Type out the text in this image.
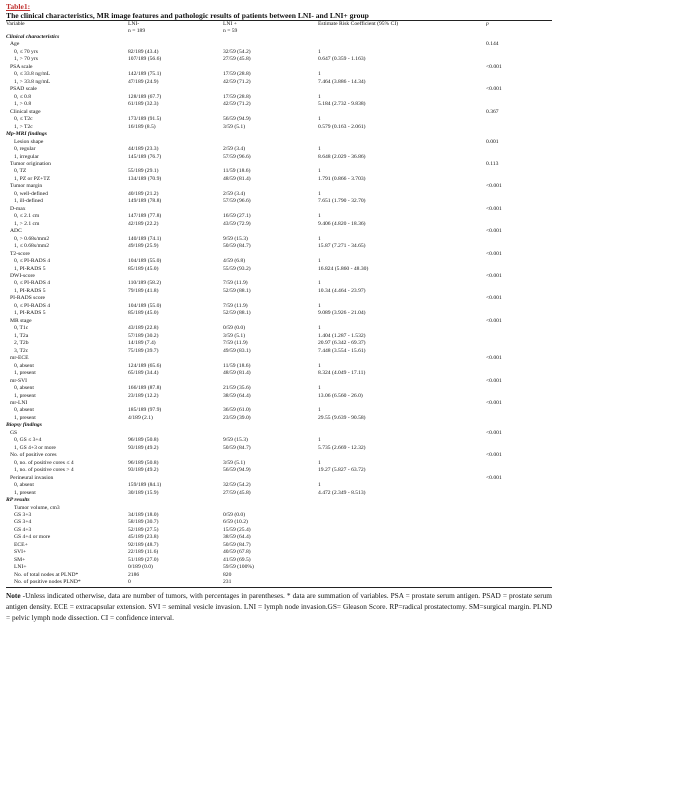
Table1:
The clinical characteristics, MR image features and pathologic results of patients between LNI- and LNI+ group
Variable	LNI-	LNI +	Estimate Risk Coefficient (95% CI)	p
	n = 189	n = 59		
Clinical characteristics				
Age				0.144
0, ≤ 70 yrs	82/189 (43.4)	32/59 (54.2)	1	
1, > 70 yrs	107/189 (56.6)	27/59 (45.8)	0.647 (0.359 - 1.163)	
PSA scale				<0.001
0, ≤ 33.8 ng/mL	142/189 (75.1)	17/59 (28.8)	1	
1, > 33.8 ng/mL	47/189 (24.9)	42/59 (71.2)	7.464 (3.886 - 14.34)	
PSAD scale				<0.001
0, ≤ 0.8	128/189 (67.7)	17/59 (28.8)	1	
1, > 0.8	61/189 (32.3)	42/59 (71.2)	5.184 (2.732 - 9.838)	
Clinical stage				0.367
0, ≤ T2c	173/189 (91.5)	56/59 (94.9)	1	
1, > T2c	16/189 (8.5)	3/59 (5.1)	0.579 (0.163 - 2.061)	
Mp-MRI findings				
Lesion shape				0.001
0, regular	44/189 (23.3)	2/59 (3.4)	1	
1, irregular	145/189 (76.7)	57/59 (96.6)	8.648 (2.029 - 36.86)	
Tumor origination				0.113
0, TZ	55/189 (29.1)	11/59 (18.6)	1	
1, PZ or PZ+TZ	134/189 (70.9)	48/59 (81.4)	1.791 (0.866 - 3.703)	
Tumor margin				<0.001
0, well-defined	40/189 (21.2)	2/59 (3.4)	1	
1, ill-defined	149/189 (78.8)	57/59 (96.6)	7.651 (1.790 - 32.70)	
D-max				<0.001
0, ≤ 2.1 cm	147/189 (77.8)	16/59 (27.1)	1	
1, > 2.1 cm	42/189 (22.2)	43/59 (72.9)	9.406 (4.820 - 18.36)	
ADC				<0.001
0, > 0.68s/mm2	140/189 (74.1)	9/59 (15.3)	1	
1, ≤ 0.68s/mm2	49/189 (25.9)	50/59 (84.7)	15.87 (7.271 - 34.65)	
T2-score				<0.001
0, ≤ PI-RADS 4	104/189 (55.0)	4/59 (6.8)	1	
1, PI-RADS 5	85/189 (45.0)	55/59 (93.2)	16.824 (5.860 - 48.30)	
DWI-score				<0.001
0, ≤ PI-RADS 4	110/189 (58.2)	7/59 (11.9)	1	
1, PI-RADS 5	79/189 (41.8)	52/59 (88.1)	10.34 (4.464 - 23.97)	
PI-RADS score				<0.001
0, ≤ PI-RADS 4	104/189 (55.0)	7/59 (11.9)	1	
1, PI-RADS 5	85/189 (45.0)	52/59 (88.1)	9.089 (3.926 - 21.04)	
MR stage				<0.001
0, T1c	43/189 (22.8)	0/59 (0.0)	1	
1, T2a	57/189 (30.2)	3/59 (5.1)	1.404 (1.287 - 1.532)	
2, T2b	14/189 (7.4)	7/59 (11.9)	20.97 (6.342 - 69.37)	
3, T2c	75/189 (39.7)	49/59 (83.1)	7.448 (3.554 - 15.61)	
mr-ECE				<0.001
0, absent	124/189 (65.6)	11/59 (18.6)	1	
1, present	65/189 (34.4)	48/59 (81.4)	8.324 (4.049 - 17.11)	
mr-SVI				<0.001
0, absent	166/189 (87.8)	21/59 (35.6)	1	
1, present	23/189 (12.2)	38/59 (64.4)	13.06 (6.560 - 26.0)	
mr-LNI				<0.001
0, absent	185/189 (97.9)	36/59 (61.0)	1	
1, present	4/189 (2.1)	23/59 (39.0)	29.55 (9.639 - 90.58)	
Biopsy findings				
GS				<0.001
0, GS ≤ 3+4	96/189 (50.8)	9/59 (15.3)	1	
1, GS 4+3 or more	93/189 (49.2)	50/59 (84.7)	5.735 (2.669 - 12.32)	
No. of positive cores				<0.001
0, no. of positive cores ≤ 4	96/189 (50.8)	3/59 (5.1)	1	
1, no. of positive cores > 4	93/189 (49.2)	56/59 (94.9)	19.27 (5.827 - 63.72)	
Perineural invasion				<0.001
0, absent	159/189 (84.1)	32/59 (54.2)	1	
1, present	30/189 (15.9)	27/59 (45.8)	4.472 (2.349 - 8.513)	
RP results				
Tumor volume, cm3				
GS 3+3	34/189 (18.0)	0/59 (0.0)		
GS 3+4	58/189 (30.7)	6/59 (10.2)		
GS 4+3	52/189 (27.5)	15/59 (25.4)		
GS 4+4 or more	45/189 (23.8)	38/59 (64.4)		
ECE+	92/189 (48.7)	50/59 (84.7)		
SVI+	22/189 (11.6)	40/59 (67.8)		
SM+	51/189 (27.0)	41/59 (69.5)		
LNI+	0/189 (0.0)	59/59 (100%)		
No. of total nodes at PLND*	2186	820		
No. of positive nodes PLND*	0	231		
Note -Unless indicated otherwise, data are number of tumors, with percentages in parentheses. * data are summation of variables. PSA = prostate serum antigen. PSAD = prostate serum antigen density. ECE = extracapsular extension. SVI = seminal vesicle invasion. LNI = lymph node invasion.GS= Gleason Score. RP=radical prostatectomy. SM=surgical margin. PLND = pelvic lymph node dissection. CI = confidence interval.
